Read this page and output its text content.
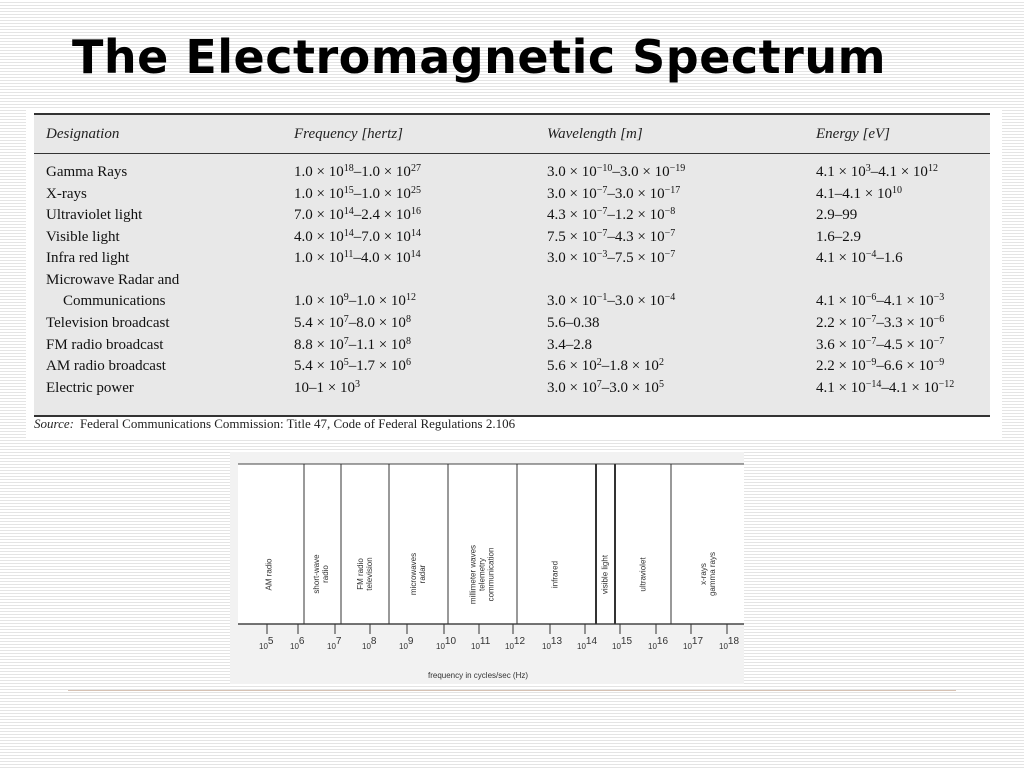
The Electromagnetic Spectrum
Designation	Frequency [hertz]	Wavelength [m]	Energy [eV]
Gamma Rays	$1.0 \times 10^{18}-1.0 \times 10^{27}$	$3.0 \times 10^{-10}-3.0 \times 10^{-19}$	$4.1 \times 10^3-4.1 \times 10^{12}$
X-rays	$1.0 \times 10^{15}-1.0 \times 10^{25}$	$3.0 \times 10^{-7}-3.0 \times 10^{-17}$	$4.1-4.1 \times 10^{10}$
Ultraviolet light	$7.0 \times 10^{14}-2.4 \times 10^{16}$	$4.3 \times 10^{-7}-1.2 \times 10^{-8}$	2.9–99
Visible light	$4.0 \times 10^{14}-7.0 \times 10^{14}$	$7.5 \times 10^{-7}-4.3 \times 10^{-7}$	1.6–2.9
Infra red light	$1.0 \times 10^{11}-4.0 \times 10^{14}$	$3.0 \times 10^{-3}-7.5 \times 10^{-7}$	$4.1 \times 10^{-4}-1.6$
Microwave Radar and
Communications	$1.0 \times 10^9-1.0 \times 10^{12}$	$3.0 \times 10^{-1}-3.0 \times 10^{-4}$	$4.1 \times 10^{-6}-4.1 \times 10^{-3}$
Television broadcast	$5.4 \times 10^7-8.0 \times 10^8$	5.6–0.38	$2.2 \times 10^{-7}-3.3 \times 10^{-6}$
FM radio broadcast	$8.8 \times 10^7-1.1 \times 10^8$	3.4–2.8	$3.6 \times 10^{-7}-4.5 \times 10^{-7}$
AM radio broadcast	$5.4 \times 10^5-1.7 \times 10^6$	$5.6 \times 10^2-1.8 \times 10^2$	$2.2 \times 10^{-9}-6.6 \times 10^{-9}$
Electric power	$10-1 \times 10^3$	$3.0 \times 10^7-3.0 \times 10^5$	$4.1 \times 10^{-14}-4.1 \times 10^{-12}$
Source: Federal Communications Commission: Title 47, Code of Federal Regulations 2.106
AM radio	short-wave
radio	FM radio
television	microwaves
radar	millimeter waves
telemetry
communication	infrared	visible light	ultraviolet	x-rays
gamma rays
$10^5$ $10^6$	$10^7$	$10^8$	$10^9$	$10^{10}$ $10^{11}$ $10^{12}$ $10^{13}$ $10^{14}$ $10^{15}$ $10^{16}$ $10^{17}$ $10^{18}$
frequency in cycles/sec (Hz)
